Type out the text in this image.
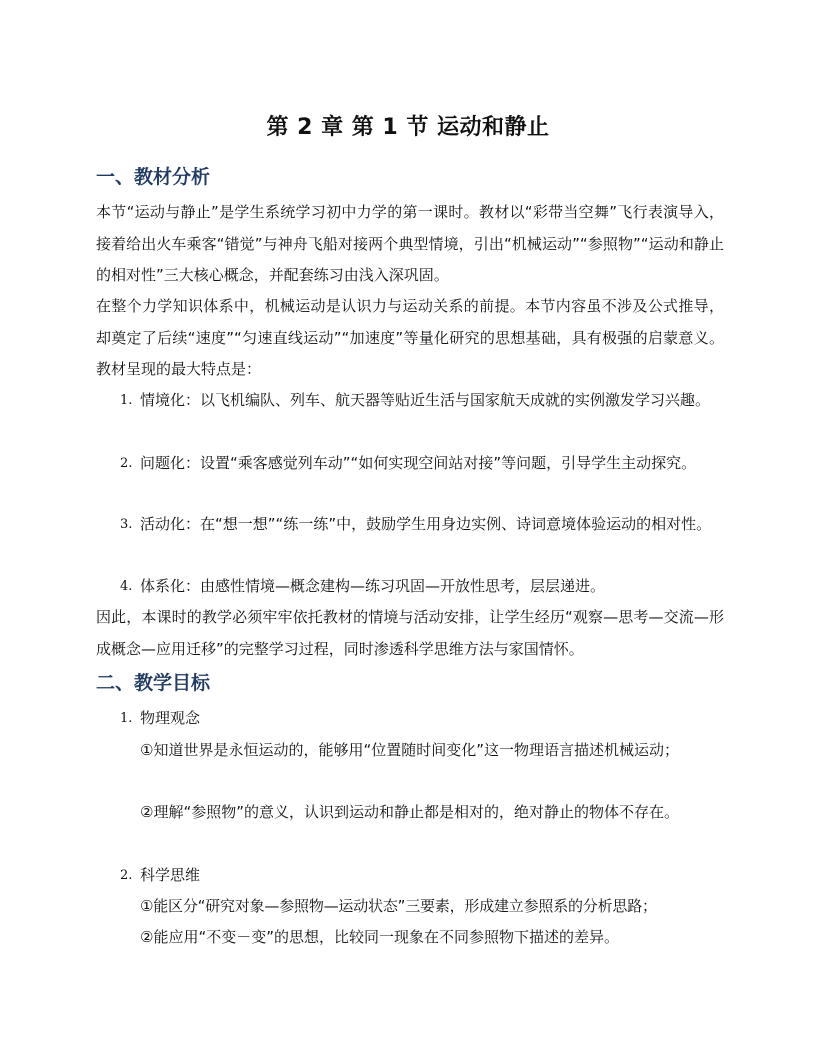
第 2 章 第 1 节 运动和静止
一、教材分析
本节“运动与静止”是学生系统学习初中力学的第一课时。教材以“彩带当空舞”飞行表演导入，接着给出火车乘客“错觉”与神舟飞船对接两个典型情境，引出“机械运动”“参照物”“运动和静止的相对性”三大核心概念，并配套练习由浅入深巩固。
在整个力学知识体系中，机械运动是认识力与运动关系的前提。本节内容虽不涉及公式推导，却奠定了后续“速度”“匀速直线运动”“加速度”等量化研究的思想基础，具有极强的启蒙意义。教材呈现的最大特点是：
1. 情境化：以飞机编队、列车、航天器等贴近生活与国家航天成就的实例激发学习兴趣。
2. 问题化：设置“乘客感觉列车动”“如何实现空间站对接”等问题，引导学生主动探究。
3. 活动化：在“想一想”“练一练”中，鼓励学生用身边实例、诗词意境体验运动的相对性。
4. 体系化：由感性情境—概念建构—练习巩固—开放性思考，层层递进。
因此，本课时的教学必须牢牢依托教材的情境与活动安排，让学生经历“观察—思考—交流—形成概念—应用迁移”的完整学习过程，同时渗透科学思维方法与家国情怀。
二、教学目标
1. 物理观念
①知道世界是永恒运动的，能够用“位置随时间变化”这一物理语言描述机械运动；
②理解“参照物”的意义，认识到运动和静止都是相对的，绝对静止的物体不存在。
2. 科学思维
①能区分“研究对象—参照物—运动状态”三要素，形成建立参照系的分析思路；
②能应用“不变－变”的思想，比较同一现象在不同参照物下描述的差异。
